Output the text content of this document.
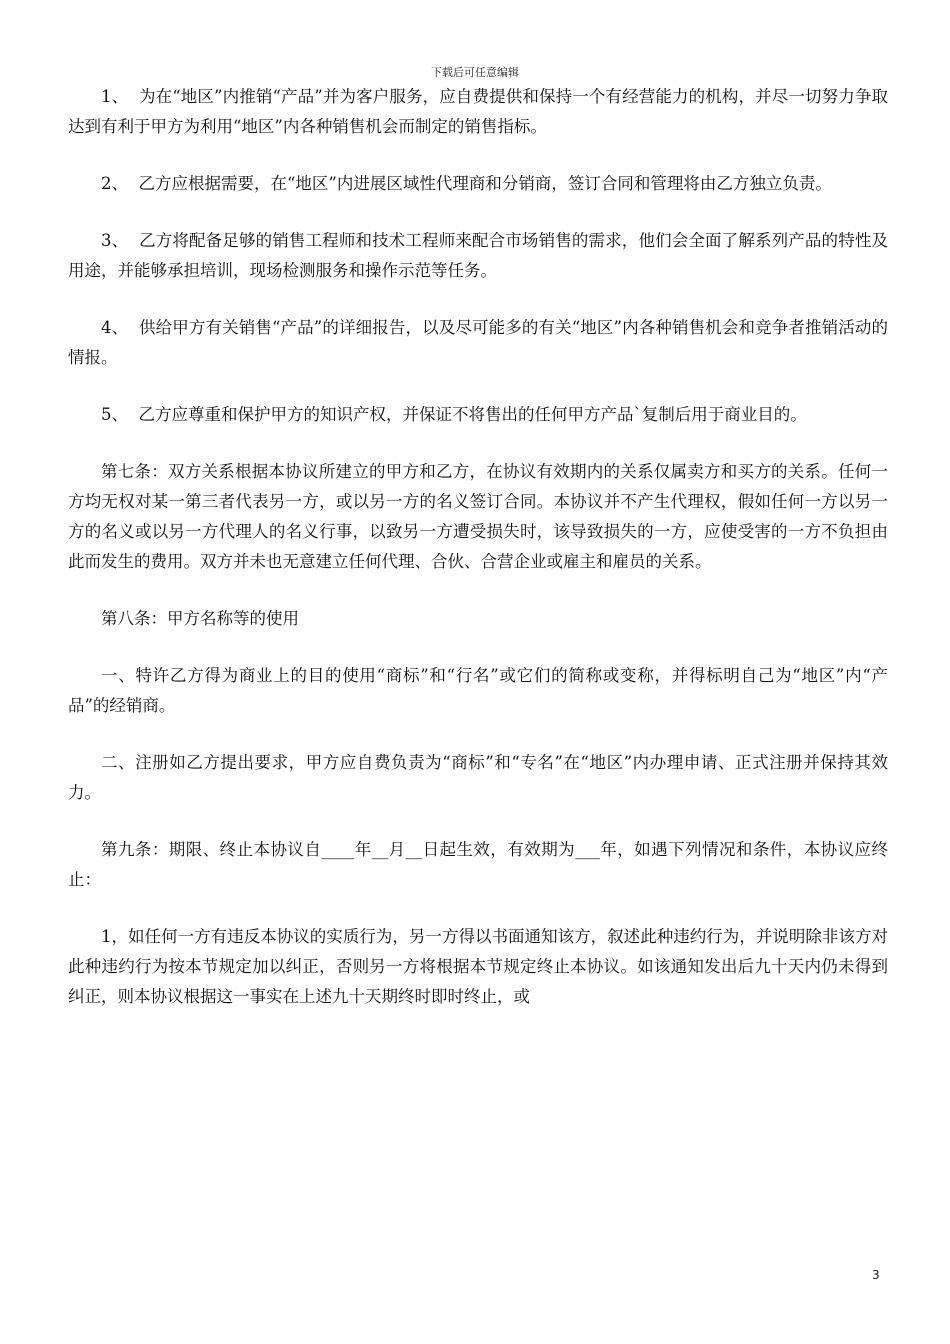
下载后可任意编辑

1、  为在“地区”内推销“产品”并为客户服务，应自费提供和保持一个有经营能力的机构，并尽一切努力争取达到有利于甲方为利用“地区”内各种销售机会而制定的销售指标。

2、  乙方应根据需要，在“地区”内进展区域性代理商和分销商，签订合同和管理将由乙方独立负责。

3、  乙方将配备足够的销售工程师和技术工程师来配合市场销售的需求，他们会全面了解系列产品的特性及用途，并能够承担培训，现场检测服务和操作示范等任务。

4、  供给甲方有关销售“产品”的详细报告，以及尽可能多的有关“地区”内各种销售机会和竞争者推销活动的情报。

5、  乙方应尊重和保护甲方的知识产权，并保证不将售出的任何甲方产品`复制后用于商业目的。

第七条：双方关系根据本协议所建立的甲方和乙方，在协议有效期内的关系仅属卖方和买方的关系。任何一方均无权对某一第三者代表另一方，或以另一方的名义签订合同。本协议并不产生代理权，假如任何一方以另一方的名义或以另一方代理人的名义行事，以致另一方遭受损失时，该导致损失的一方，应使受害的一方不负担由此而发生的费用。双方并未也无意建立任何代理、合伙、合营企业或雇主和雇员的关系。

第八条：甲方名称等的使用

一、特许乙方得为商业上的目的使用“商标”和“行名”或它们的简称或变称，并得标明自己为“地区”内“产品”的经销商。

二、注册如乙方提出要求，甲方应自费负责为“商标”和“专名”在“地区”内办理申请、正式注册并保持其效力。

第九条：期限、终止本协议自____年__月__日起生效，有效期为___年，如遇下列情况和条件，本协议应终止：

1，如任何一方有违反本协议的实质行为，另一方得以书面通知该方，叙述此种违约行为，并说明除非该方对此种违约行为按本节规定加以纠正，否则另一方将根据本节规定终止本协议。如该通知发出后九十天内仍未得到纠正，则本协议根据这一事实在上述九十天期终时即时终止，或

3
